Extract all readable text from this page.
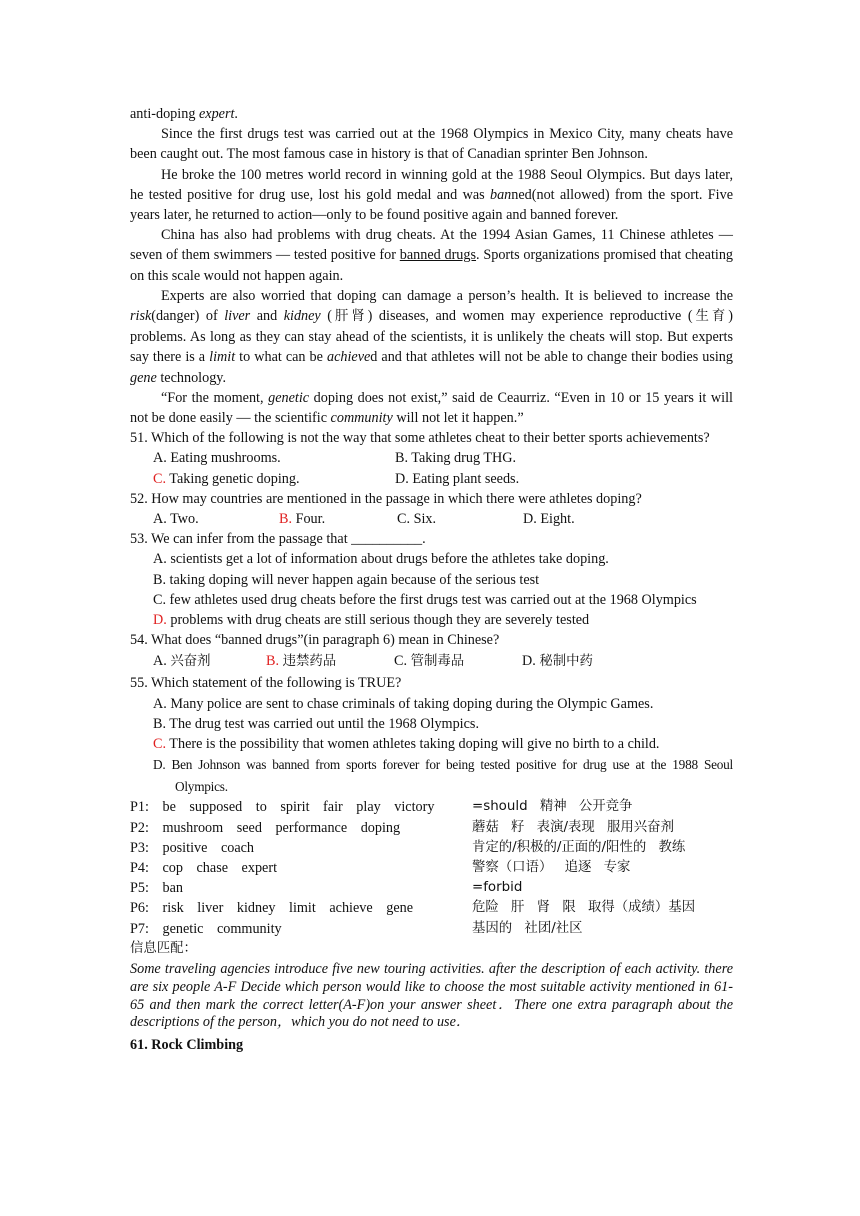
anti-doping expert.
Since the first drugs test was carried out at the 1968 Olympics in Mexico City, many cheats have been caught out. The most famous case in history is that of Canadian sprinter Ben Johnson.
He broke the 100 metres world record in winning gold at the 1988 Seoul Olympics. But days later, he tested positive for drug use, lost his gold medal and was banned(not allowed) from the sport. Five years later, he returned to action—only to be found positive again and banned forever.
China has also had problems with drug cheats. At the 1994 Asian Games, 11 Chinese athletes —seven of them swimmers — tested positive for banned drugs. Sports organizations promised that cheating on this scale would not happen again.
Experts are also worried that doping can damage a person’s health. It is believed to increase the risk(danger) of liver and kidney (肝肾) diseases, and women may experience reproductive (生育) problems. As long as they can stay ahead of the scientists, it is unlikely the cheats will stop. But experts say there is a limit to what can be achieved and that athletes will not be able to change their bodies using gene technology.
“For the moment, genetic doping does not exist,” said de Ceaurriz. “Even in 10 or 15 years it will not be done easily — the scientific community will not let it happen.”
51. Which of the following is not the way that some athletes cheat to their better sports achievements?
A. Eating mushrooms.	B. Taking drug THG.
C. Taking genetic doping.	D. Eating plant seeds.
52. How may countries are mentioned in the passage in which there were athletes doping?
A. Two.	B. Four.	C. Six.	D. Eight.
53. We can infer from the passage that __________.
A. scientists get a lot of information about drugs before the athletes take doping.
B. taking doping will never happen again because of the serious test
C. few athletes used drug cheats before the first drugs test was carried out at the 1968 Olympics
D. problems with drug cheats are still serious though they are severely tested
54. What does “banned drugs”(in paragraph 6) mean in Chinese?
A. 兴奋剂	B. 违禁药品	C. 管制毒品	D. 秘制中药
55. Which statement of the following is TRUE?
A. Many police are sent to chase criminals of taking doping during the Olympic Games.
B. The drug test was carried out until the 1968 Olympics.
C. There is the possibility that women athletes taking doping will give no birth to a child.
D. Ben Johnson was banned from sports forever for being tested positive for drug use at the 1988 Seoul Olympics.
P1: be supposed to spirit fair play victory	=should 精神 公开竞争
P2: mushroom seed performance doping	蘑菇 籽 表演/表现 服用兴奋剂
P3: positive coach	肯定的/积极的/正面的/阳性的 教练
P4: cop chase expert	警察（口语） 追逐 专家
P5: ban	=forbid
P6: risk liver kidney limit achieve gene	危险 肝 肾 限 取得（成绩）基因
P7: genetic community	基因的 社团/社区
信息匹配：
Some traveling agencies introduce five new touring activities. after the description of each activity. there are six people A-F Decide which person would like to choose the most suitable activity mentioned in 61-65 and then mark the correct letter(A-F)on your answer sheet．There one extra paragraph about the descriptions of the person，which you do not need to use．
61. Rock Climbing
